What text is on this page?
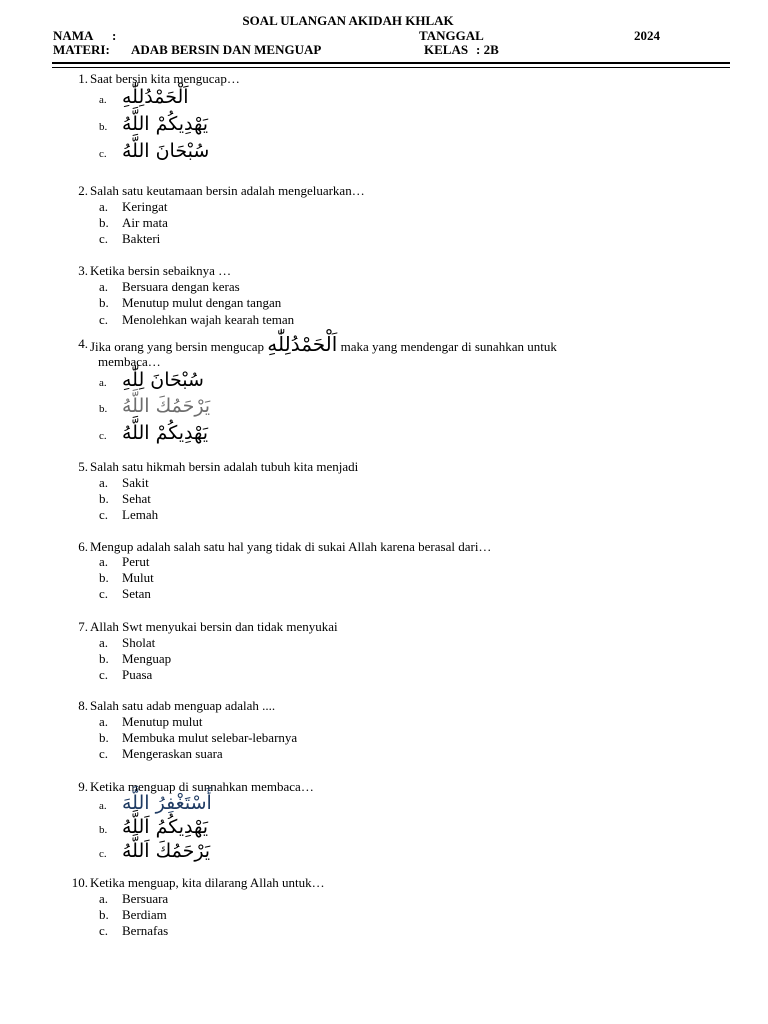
SOAL ULANGAN AKIDAH KHLAK
NAMA :	TANGGAL	2024
MATERI: ADAB BERSIN DAN MENGUAP	KELAS : 2B
1. Saat bersin kita mengucap…
a. اَلْحَمْدُلِلّٰهِ
b. يَهْدِيكُمْ اللَّهُ
c. سُبْحَانَ اللَّهُ
2. Salah satu keutamaan bersin adalah mengeluarkan…
a. Keringat
b. Air mata
c. Bakteri
3. Ketika bersin sebaiknya …
a. Bersuara dengan keras
b. Menutup mulut dengan tangan
c. Menolehkan wajah kearah teman
4. Jika orang yang bersin mengucap اَلْحَمْدُلِلّٰهِ maka yang mendengar di sunahkan untuk
membaca…
a. سُبْحَانَ لِلّٰهِ
b. يَرْحَمُكَ اللَّهُ
c. يَهْدِيكُمْ اللَّهُ
5. Salah satu hikmah bersin adalah tubuh kita menjadi
a. Sakit
b. Sehat
c. Lemah
6. Mengup adalah salah satu hal yang tidak di sukai Allah karena berasal dari…
a. Perut
b. Mulut
c. Setan
7. Allah Swt menyukai bersin dan tidak menyukai
a. Sholat
b. Menguap
c. Puasa
8. Salah satu adab menguap adalah ....
a. Menutup mulut
b. Membuka mulut selebar-lebarnya
c. Mengeraskan suara
9. Ketika menguap di sunnahkan membaca…
a. أَسْتَغْفِرُ اللَّهَ
b. يَهْدِيكُمُ اَللَّهُ
c. يَرْحَمُكَ اَللَّهُ
10. Ketika menguap, kita dilarang Allah untuk…
a. Bersuara
b. Berdiam
c. Bernafas
